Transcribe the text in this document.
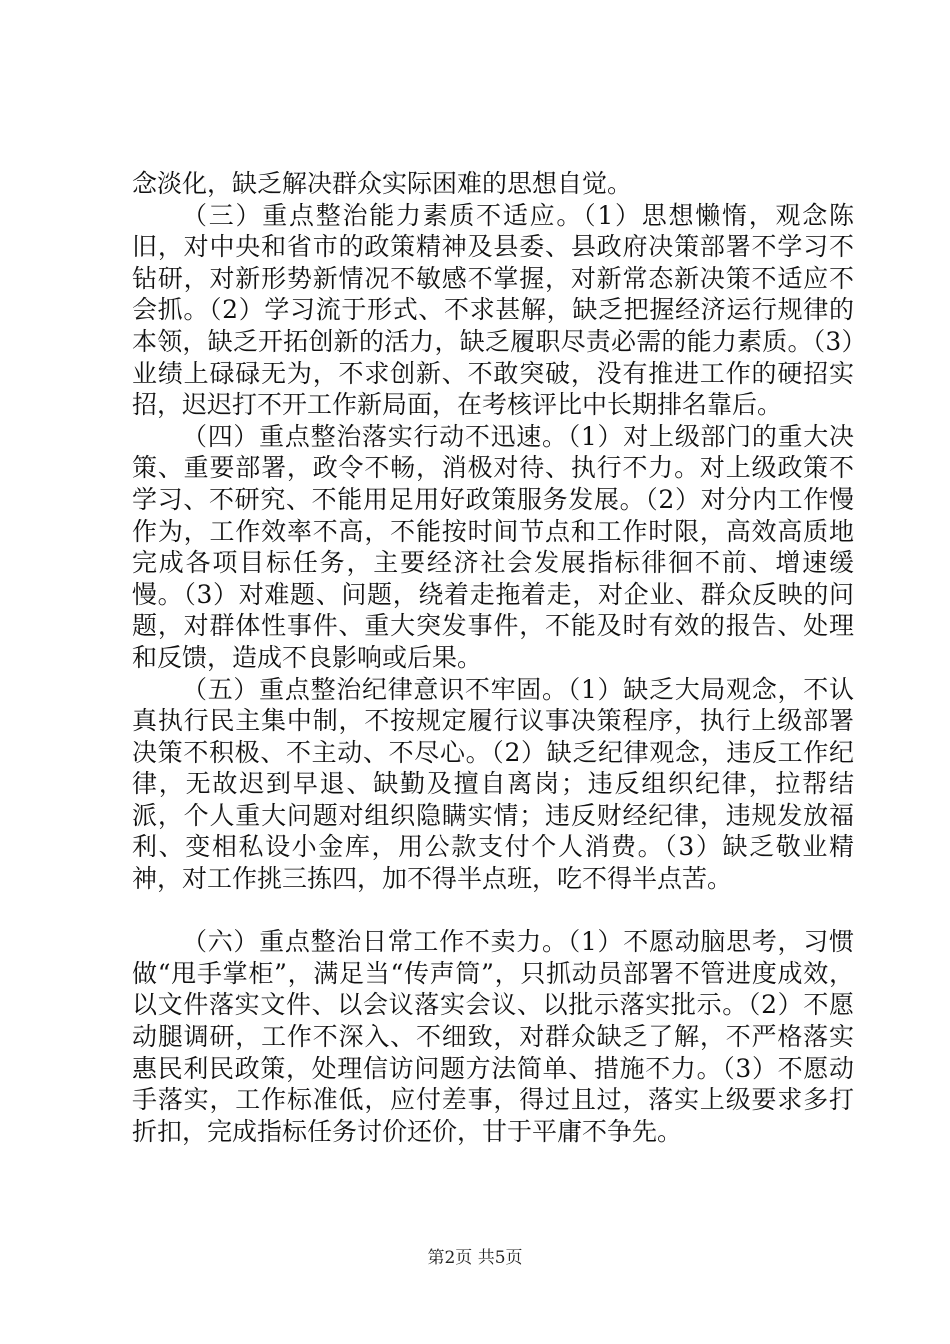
念淡化，缺乏解决群众实际困难的思想自觉。

（三）重点整治能力素质不适应。（1）思想懒惰，观念陈旧，对中央和省市的政策精神及县委、县政府决策部署不学习不钻研，对新形势新情况不敏感不掌握，对新常态新决策不适应不会抓。（2）学习流于形式、不求甚解，缺乏把握经济运行规律的本领，缺乏开拓创新的活力，缺乏履职尽责必需的能力素质。（3）业绩上碌碌无为，不求创新、不敢突破，没有推进工作的硬招实招，迟迟打不开工作新局面，在考核评比中长期排名靠后。

（四）重点整治落实行动不迅速。（1）对上级部门的重大决策、重要部署，政令不畅，消极对待、执行不力。对上级政策不学习、不研究、不能用足用好政策服务发展。（2）对分内工作慢作为，工作效率不高，不能按时间节点和工作时限，高效高质地完成各项目标任务，主要经济社会发展指标徘徊不前、增速缓慢。（3）对难题、问题，绕着走拖着走，对企业、群众反映的问题，对群体性事件、重大突发事件，不能及时有效的报告、处理和反馈，造成不良影响或后果。

（五）重点整治纪律意识不牢固。（1）缺乏大局观念，不认真执行民主集中制，不按规定履行议事决策程序，执行上级部署决策不积极、不主动、不尽心。（2）缺乏纪律观念，违反工作纪律，无故迟到早退、缺勤及擅自离岗；违反组织纪律，拉帮结派，个人重大问题对组织隐瞒实情；违反财经纪律，违规发放福利、变相私设小金库，用公款支付个人消费。（3）缺乏敬业精神，对工作挑三拣四，加不得半点班，吃不得半点苦。

（六）重点整治日常工作不卖力。（1）不愿动脑思考，习惯做“甩手掌柜”，满足当“传声筒”，只抓动员部署不管进度成效，以文件落实文件、以会议落实会议、以批示落实批示。（2）不愿动腿调研，工作不深入、不细致，对群众缺乏了解，不严格落实惠民利民政策，处理信访问题方法简单、措施不力。（3）不愿动手落实，工作标准低，应付差事，得过且过，落实上级要求多打折扣，完成指标任务讨价还价，甘于平庸不争先。

第2页 共5页
